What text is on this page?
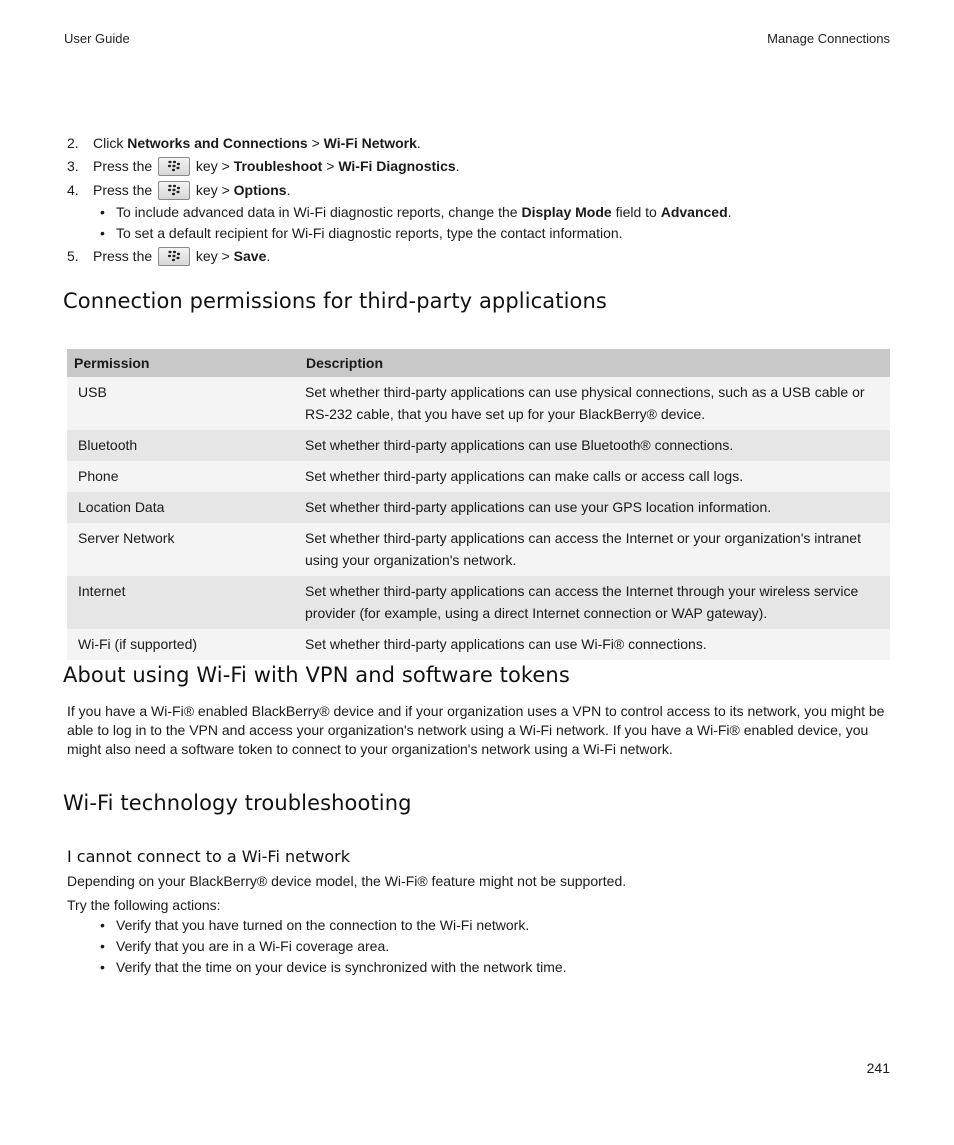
User Guide	Manage Connections
2.	Click Networks and Connections > Wi-Fi Network.
3.	Press the	key > Troubleshoot > Wi-Fi Diagnostics.
4.	Press the	key > Options.
• To include advanced data in Wi-Fi diagnostic reports, change the Display Mode field to Advanced.
• To set a default recipient for Wi-Fi diagnostic reports, type the contact information.
5.	Press the	key > Save.
Connection permissions for third-party applications
Permission	Description
USB	Set whether third-party applications can use physical connections, such as a USB cable or RS-232 cable, that you have set up for your BlackBerry® device.
Bluetooth	Set whether third-party applications can use Bluetooth® connections.
Phone	Set whether third-party applications can make calls or access call logs.
Location Data	Set whether third-party applications can use your GPS location information.
Server Network	Set whether third-party applications can access the Internet or your organization's intranet using your organization's network.
Internet	Set whether third-party applications can access the Internet through your wireless service provider (for example, using a direct Internet connection or WAP gateway).
Wi-Fi (if supported)	Set whether third-party applications can use Wi-Fi® connections.
About using Wi-Fi with VPN and software tokens
If you have a Wi-Fi® enabled BlackBerry® device and if your organization uses a VPN to control access to its network, you might be able to log in to the VPN and access your organization's network using a Wi-Fi network. If you have a Wi-Fi® enabled device, you might also need a software token to connect to your organization's network using a Wi-Fi network.
Wi-Fi technology troubleshooting
I cannot connect to a Wi-Fi network
Depending on your BlackBerry® device model, the Wi-Fi® feature might not be supported.
Try the following actions:
• Verify that you have turned on the connection to the Wi-Fi network.
• Verify that you are in a Wi-Fi coverage area.
• Verify that the time on your device is synchronized with the network time.
241
